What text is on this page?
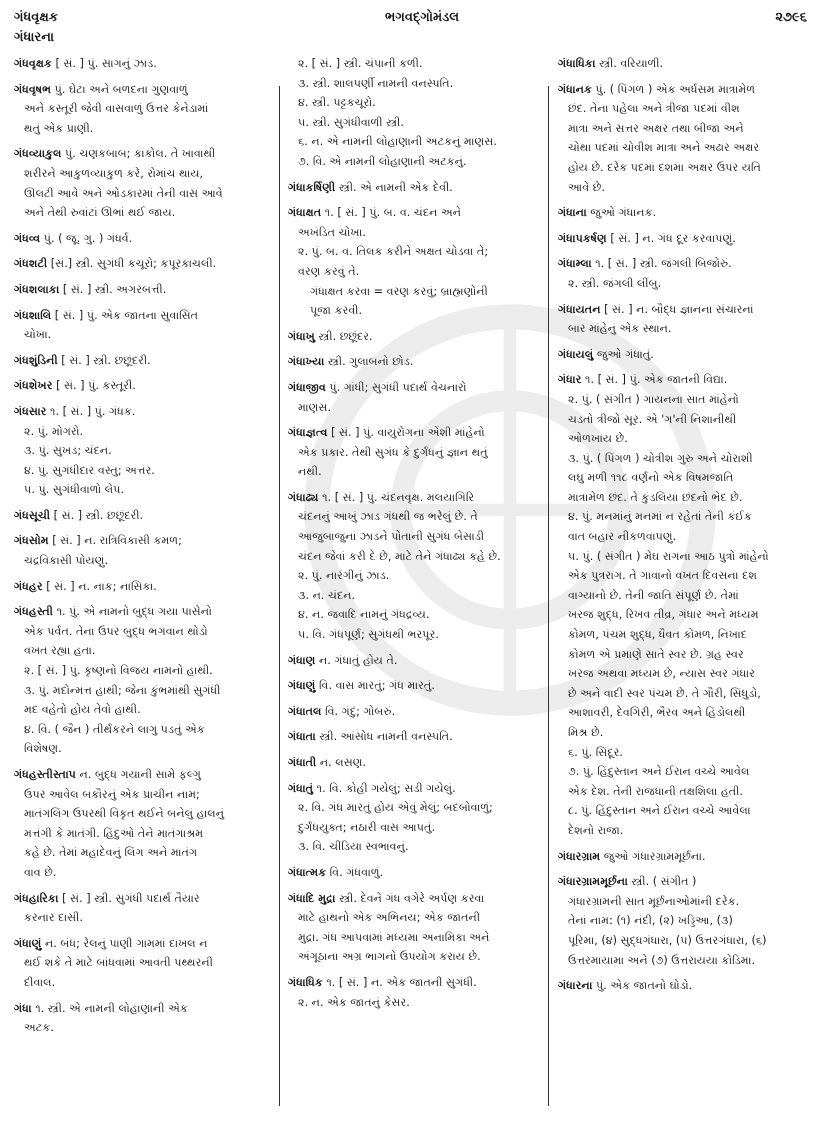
ગંધવૃક્ષક
ગંધારના
ભગવદ્ગોમંડલ	૨૭૯૬
ગંધવૃક્ષક [ સં. ] પું. સાગનું ઝાડ.
ગંધવૃષભ પું. ઘેટા અને બળદના ગુણવાળું
અને કસ્તૂરી જેવી વાસવાળું ઉત્તર કેનેડામાં
થતું એક પ્રાણી.
ગંધવ્યાકુલ પું. ચણકબાબ; કાકોલ. તે ખાવાથી
શરીરને આકુળવ્યાકુળ કરે, રોમાંચ થાય,
ઊલટી આવે અને ઓડકારમાં તેની વાસ આવે
અને તેથી રુવાંટાં ઊભાં થઈ જાય.
ગંધવ્વ પું. ( જૂ. ગુ. ) ગંધર્વ.
ગંધશટી [સં.] સ્ત્રી. સુગંધી કચૂરો; કપૂરકાચલી.
ગંધશલાકા [ સં. ] સ્ત્રી. અગરબત્તી.
ગંધશાલિ [ સં. ] પું. એક જાતના સુવાસિત
ચોખા.
ગંધશુંડિની [ સં. ] સ્ત્રી. છછૂંદરી.
ગંધશેખર [ સં. ] પું. કસ્તૂરી.
ગંધસાર ૧. [ સં. ] પું. ગંધક.
૨. પું. મોગરો.
૩. પું. સુખડ; ચંદન.
૪. પું. સુગંધીદાર વસ્તુ; અત્તર.
૫. પું. સુગંધીવાળો લેપ.
ગંધસૂચી [ સં. ] સ્ત્રી. છછૂંદરી.
ગંધસોમ [ સં. ] ન. રાત્રિવિકાસી કમળ;
ચંદ્રવિકાસી પોયણું.
ગંધહર [ સં. ] ન. નાક; નાસિકા.
ગંધહસ્તી ૧. પું. એ નામનો બુદ્ધ ગયા પાસેનો
એક પર્વત. તેના ઉપર બુદ્ધ ભગવાન થોડો
વખત રહ્યા હતા.
૨. [ સં. ] પું. કૃષ્ણનો વિજય નામનો હાથી.
૩. પું. મદોન્મત્ત હાથી; જેના કુંભમાંથી સુગંધી
મદ વહેતો હોય તેવો હાથી.
૪. વિ. ( જૈન ) તીર્થંકરને લાગુ પડતું એક
વિશેષણ.
ગંધહસ્તીસ્તાપ ન. બુદ્ધ ગયાની સામે ફલ્ગુ
ઉપર આવેલ બકૌરનું એક પ્રાચીન નામ;
માતંગલિંગ ઉપરથી વિકૃત થઈને બનેલું હાલનું
મત્તંગી કે માતંગી. હિંદુઓ તેને માતંગાશ્રમ
કહે છે. તેમાં મહાદેવનું લિંગ અને માતંગ
વાવ છે.
ગંધહારિકા [ સં. ] સ્ત્રી. સુગંધી પદાર્થ તૈયાર
કરનાર દાસી.
ગંધાણું ન. બંધ; રેલનું પાણી ગામમાં દાખલ ન
થઈ શકે તે માટે બાંધવામાં આવતી પથ્થરની
દીવાલ.
ગંધા ૧. સ્ત્રી. એ નામની લોહાણાની એક
અટક.
૨. [ સં. ] સ્ત્રી. ચંપાની કળી.
૩. સ્ત્રી. શાલપર્ણી નામની વનસ્પતિ.
૪. સ્ત્રી. પટ્ટકચૂરો.
૫. સ્ત્રી. સુગંધીવાળી સ્ત્રી.
૬. ન. એ નામની લોહાણાની અટકનું માણસ.
૭. વિ. એ નામની લોહાણાની અટકનું.
ગંધાકર્ષિણી સ્ત્રી. એ નામની એક દેવી.
ગંધાક્ષત ૧. [ સં. ] પું. બ. વ. ચંદન અને
અખંડિત ચોખા.
૨. પું. બ. વ. તિલક કરીને અક્ષત ચોડવા તે;
વરણ કરવું તે.
ગંધાક્ષત કરવા = વરણ કરવું; બ્રાહ્મણોની
પૂજા કરવી.
ગંધાખુ સ્ત્રી. છછૂંદર.
ગંધાખ્યા સ્ત્રી. ગુલાબનો છોડ.
ગંધાજીવ પું. ગાંધી; સુગંધી પદાર્થ વેચનારો
માણસ.
ગંધાજ્ઞત્વ [ સં. ] પું. વાયુરોગના એંશી માંહેનો
એક પ્રકાર. તેથી સુગંધ કે દુર્ગંધનું જ્ઞાન થતું
નથી.
ગંધાઢ્ય ૧. [ સં. ] પું. ચંદનવૃક્ષ. મલયાગિરિ
ચંદનનું આખું ઝાડ ગંધથી જ ભરેલું છે. તે
આજુબાજુનાં ઝાડને પોતાની સુગંધ બેસાડી
ચંદન જેવાં કરી દે છે, માટે તેને ગંધાઢ્ય કહે છે.
૨. પું. નારંગીનું ઝાડ.
૩. ન. ચંદન.
૪. ન. જવાદિ નામનું ગંધદ્રવ્ય.
૫. વિ. ગંધપૂર્ણ; સુગંધથી ભરપૂર.
ગંધાણ ન. ગંધાતું હોય તે.
ગંધાણું વિ. વાસ મારતું; ગંધ મારતું.
ગંધાતલ વિ. ગંદું; ગોબરું.
ગંધાતા સ્ત્રી. આંસોધ નામની વનસ્પતિ.
ગંધાતી ન. લસણ.
ગંધાતું ૧. વિ. કોહી ગયેલું; સડી ગયેલું.
૨. વિ. ગંધ મારતું હોય એવું મેલું; બદબોવાળું;
દુર્ગંધયુક્ત; નઠારી વાસ આપતું.
૩. વિ. ચીડિયા સ્વભાવનું.
ગંધાત્મક વિ. ગંધવાળું.
ગંધાદિ મુદ્રા સ્ત્રી. દેવને ગંધ વગેરે અર્પણ કરવા
માટે હાથનો એક અભિનય; એક જાતની
મુદ્રા. ગંધ આપવામાં મધ્યમા અનામિકા અને
અંગૂઠાના અગ્ર ભાગનો ઉપયોગ કરાય છે.
ગંધાધિક ૧. [ સં. ] ન. એક જાતની સુગંધી.
૨. ન. એક જાતનું કેસર.
ગંધાધિકા સ્ત્રી. વરિયાળી.
ગંધાનક પું. ( પિંગળ ) એક અર્ધસમ માત્રામેળ
છંદ. તેના પહેલા અને ત્રીજા પદમાં વીશ
માત્રા અને સત્તર અક્ષર તથા બીજા અને
ચોથા પદમાં ચોવીશ માત્રા અને અઢાર અક્ષર
હોય છે. દરેક પદમાં દશમા અક્ષર ઉપર યતિ
આવે છે.
ગંધાના જુઓ ગંધાનક.
ગંધાપકર્ષણ [ સં. ] ન. ગંધ દૂર કરવાપણું.
ગંધામ્લા ૧. [ સં. ] સ્ત્રી. જંગલી બિજોરું.
૨. સ્ત્રી. જંગલી લીંબુ.
ગંધાયતન [ સં. ] ન. બૌદ્ધ જ્ઞાનના સંચારનાં
બાર માંહેનું એક સ્થાન.
ગંધાયલું જુઓ ગંધાતું.
ગંધાર ૧. [ સં. ] પું. એક જાતની વિદ્યા.
૨. પું. ( સંગીત ) ગાયનના સાત માંહેનો
ચડતો ત્રીજો સૂર. એ 'ગ'ની નિશાનીથી
ઓળખાય છે.
૩. પું. ( પિંગળ ) ચોત્રીશ ગુરુ અને ચોરાશી
લઘુ મળી ૧૧૮ વર્ણનો એક વિષમજાતિ
માત્રામેળ છંદ. તે કુંડલિયા છંદનો ભેદ છે.
૪. પું. મનમાંનું મનમાં ન રહેતાં તેની કંઈક
વાત બહાર નીકળવાપણું.
૫. પું. ( સંગીત ) મેઘ રાગના આઠ પુત્રો માંહેનો
એક પુત્રરાગ. તે ગાવાનો વખત દિવસના દશ
વાગ્યાનો છે. તેની જાતિ સંપૂર્ણ છે. તેમાં
ખરજ શુદ્ધ, રિખવ તીવ્ર, ગંધાર અને મધ્યમ
કોમળ, પંચમ શુદ્ધ, ધૈવત કોમળ, નિખાદ
કોમળ એ પ્રમાણે સાતે સ્વર છે. ગ્રહ સ્વર
ખરજ અથવા મધ્યમ છે, ન્યાસ સ્વર ગંધાર
છે અને વાદી સ્વર પંચમ છે. તે ગૌરી, સિંધુડો,
આશાવરી, દેવગિરી, ભૈરવ અને હિંડોલથી
મિશ્ર છે.
૬. પું. સિંદૂર.
૭. પું. હિંદુસ્તાન અને ઈરાન વચ્ચે આવેલ
એક દેશ. તેની રાજધાની તક્ષશિલા હતી.
૮. પું. હિંદુસ્તાન અને ઈરાન વચ્ચે આવેલા
દેશનો રાજા.
ગંધારગ્રામ જુઓ ગંધારગ્રામમૂર્છના.
ગંધારગ્રામમૂર્છના સ્ત્રી. ( સંગીત )
ગંધારગ્રામની સાત મૂર્છનાઓમાંની દરેક.
તેનાં નામ: (૧) નંદી, (૨) ખડ્ડિઆ, (૩)
પૂરિમા, (૪) સુદ્ધગંધારા, (૫) ઉત્તરગંધારા, (૬)
ઉત્તરમાયામા અને (૭) ઉત્તરાયયા કોડિમા.
ગંધારના પું. એક જાતનો ઘોડો.
